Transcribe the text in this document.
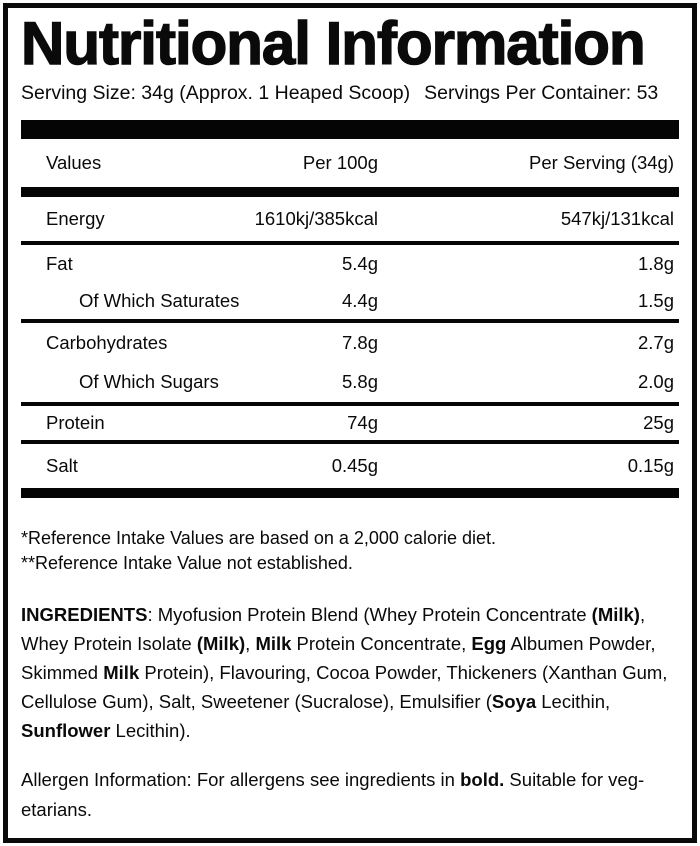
Nutritional Information
Serving Size: 34g (Approx. 1 Heaped Scoop) Servings Per Container: 53
Values	Per 100g	Per Serving (34g)
Energy	1610kj/385kcal	547kj/131kcal
Fat	5.4g	1.8g
Of Which Saturates	4.4g	1.5g
Carbohydrates	7.8g	2.7g
Of Which Sugars	5.8g	2.0g
Protein	74g	25g
Salt	0.45g	0.15g
*Reference Intake Values are based on a 2,000 calorie diet.
**Reference Intake Value not established.
INGREDIENTS: Myofusion Protein Blend (Whey Protein Concentrate (Milk), Whey Protein Isolate (Milk), Milk Protein Concentrate, Egg Albumen Powder, Skimmed Milk Protein), Flavouring, Cocoa Powder, Thickeners (Xanthan Gum, Cellulose Gum), Salt, Sweetener (Sucralose), Emulsifier (Soya Lecithin, Sunflower Lecithin).
Allergen Information: For allergens see ingredients in bold. Suitable for vegetarians.
